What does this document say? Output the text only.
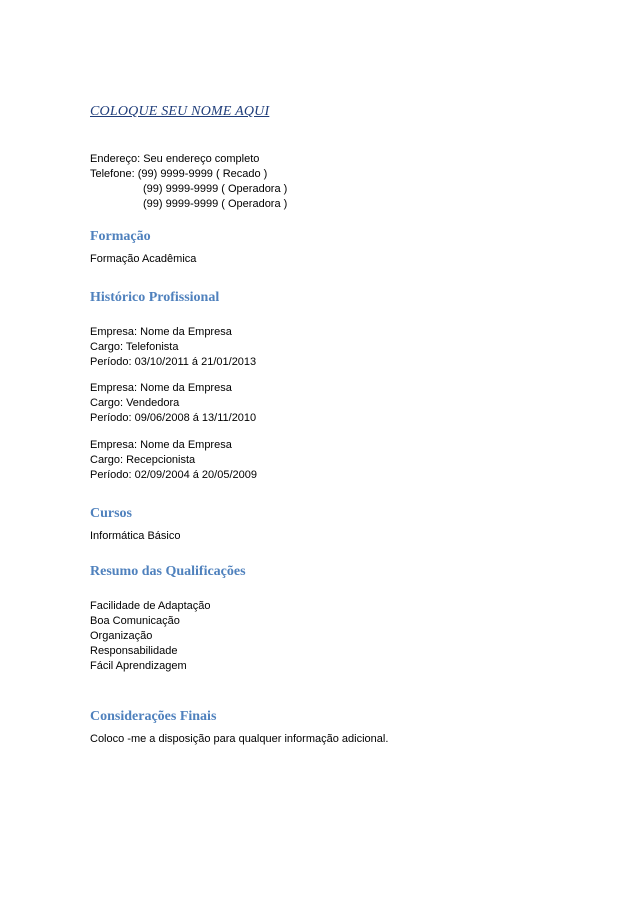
COLOQUE SEU NOME AQUI
Endereço: Seu endereço completo
Telefone: (99) 9999-9999 ( Recado )
(99) 9999-9999 ( Operadora )
(99) 9999-9999 ( Operadora )
Formação
Formação Acadêmica
Histórico Profissional
Empresa: Nome da Empresa
Cargo: Telefonista
Período: 03/10/2011 á 21/01/2013
Empresa: Nome da Empresa
Cargo: Vendedora
Período: 09/06/2008 á 13/11/2010
Empresa: Nome da Empresa
Cargo: Recepcionista
Período: 02/09/2004 á 20/05/2009
Cursos
Informática Básico
Resumo das Qualificações
Facilidade de Adaptação
Boa Comunicação
Organização
Responsabilidade
Fácil Aprendizagem
Considerações Finais
Coloco -me a disposição para qualquer informação adicional.
